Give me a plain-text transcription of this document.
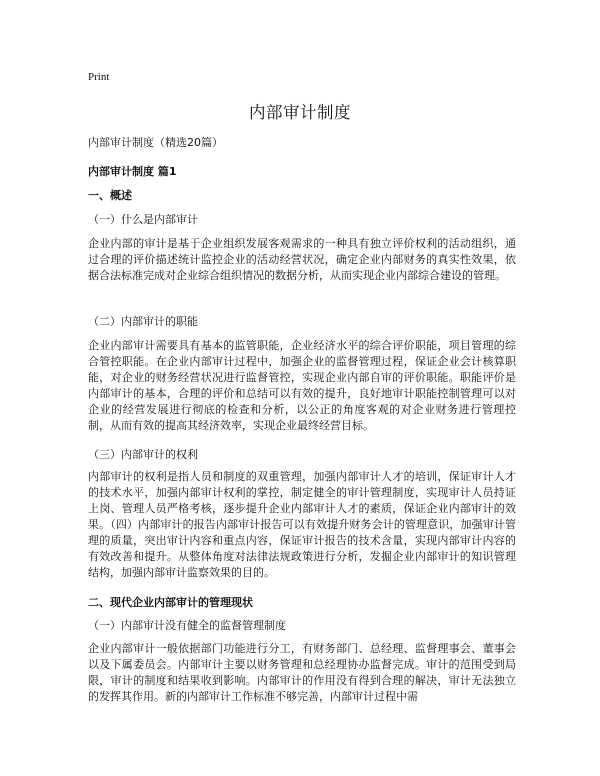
Print
内部审计制度
内部审计制度（精选20篇）
内部审计制度 篇1
一、概述
（一）什么是内部审计
企业内部的审计是基于企业组织发展客观需求的一种具有独立评价权利的活动组织，通过合理的评价描述统计监控企业的活动经营状况，确定企业内部财务的真实性效果，依据合法标准完成对企业综合组织情况的数据分析，从而实现企业内部综合建设的管理。
（二）内部审计的职能
企业内部审计需要具有基本的监管职能，企业经济水平的综合评价职能，项目管理的综合管控职能。在企业内部审计过程中，加强企业的监督管理过程，保证企业会计核算职能，对企业的财务经营状况进行监督管控，实现企业内部自审的评价职能。职能评价是内部审计的基本，合理的评价和总结可以有效的提升，良好地审计职能控制管理可以对企业的经营发展进行彻底的检查和分析，以公正的角度客观的对企业财务进行管理控制，从而有效的提高其经济效率，实现企业最终经营目标。
（三）内部审计的权利
内部审计的权利是指人员和制度的双重管理，加强内部审计人才的培训，保证审计人才的技术水平，加强内部审计权利的掌控，制定健全的审计管理制度，实现审计人员持证上岗、管理人员严格考核，逐步提升企业内部审计人才的素质，保证企业内部审计的效果。（四）内部审计的报告内部审计报告可以有效提升财务会计的管理意识，加强审计管理的质量，突出审计内容和重点内容，保证审计报告的技术含量，实现内部审计内容的有效改善和提升。从整体角度对法律法规政策进行分析，发掘企业内部审计的知识管理结构，加强内部审计监察效果的目的。
二、现代企业内部审计的管理现状
（一）内部审计没有健全的监督管理制度
企业内部审计一般依据部门功能进行分工，有财务部门、总经理、监督理事会、董事会以及下属委员会。内部审计主要以财务管理和总经理协办监督完成。审计的范围受到局限，审计的制度和结果收到影响。内部审计的作用没有得到合理的解决，审计无法独立的发挥其作用。新的内部审计工作标准不够完善，内部审计过程中需
